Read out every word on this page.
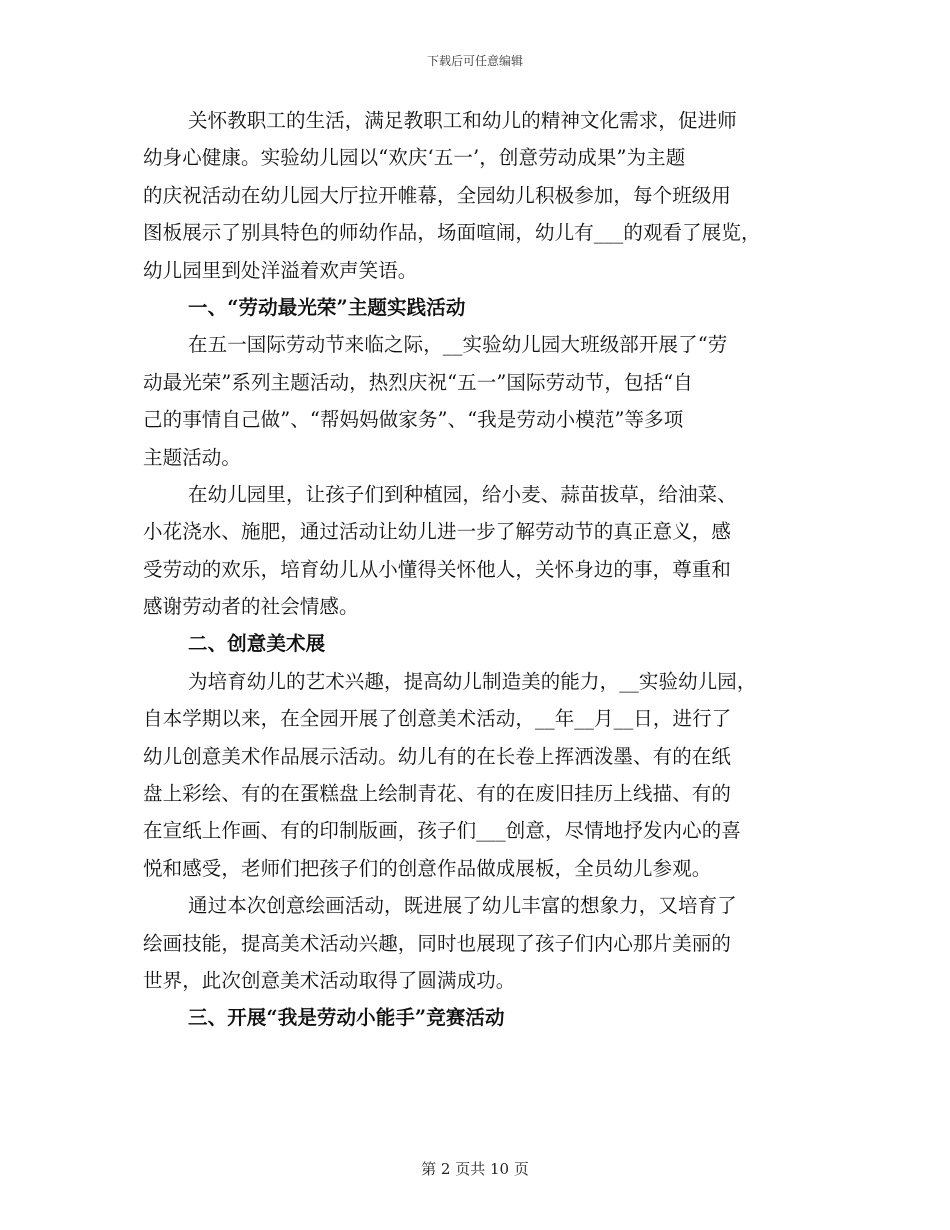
下载后可任意编辑
关怀教职工的生活，满足教职工和幼儿的精神文化需求，促进师
幼身心健康。实验幼儿园以“欢庆‘五一’，创意劳动成果”为主题
的庆祝活动在幼儿园大厅拉开帷幕，全园幼儿积极参加，每个班级用
图板展示了别具特色的师幼作品，场面喧闹，幼儿有___的观看了展览，
幼儿园里到处洋溢着欢声笑语。
一、“劳动最光荣”主题实践活动
在五一国际劳动节来临之际，__实验幼儿园大班级部开展了“劳
动最光荣”系列主题活动，热烈庆祝“五一”国际劳动节，包括“自
己的事情自己做”、“帮妈妈做家务”、“我是劳动小模范”等多项
主题活动。
在幼儿园里，让孩子们到种植园，给小麦、蒜苗拔草，给油菜、
小花浇水、施肥，通过活动让幼儿进一步了解劳动节的真正意义，感
受劳动的欢乐，培育幼儿从小懂得关怀他人，关怀身边的事，尊重和
感谢劳动者的社会情感。
二、创意美术展
为培育幼儿的艺术兴趣，提高幼儿制造美的能力，__实验幼儿园，
自本学期以来，在全园开展了创意美术活动，__年__月__日，进行了
幼儿创意美术作品展示活动。幼儿有的在长卷上挥洒泼墨、有的在纸
盘上彩绘、有的在蛋糕盘上绘制青花、有的在废旧挂历上线描、有的
在宣纸上作画、有的印制版画，孩子们___创意，尽情地抒发内心的喜
悦和感受，老师们把孩子们的创意作品做成展板，全员幼儿参观。
通过本次创意绘画活动，既进展了幼儿丰富的想象力，又培育了
绘画技能，提高美术活动兴趣，同时也展现了孩子们内心那片美丽的
世界，此次创意美术活动取得了圆满成功。
三、开展“我是劳动小能手”竞赛活动
第 2 页共 10 页
